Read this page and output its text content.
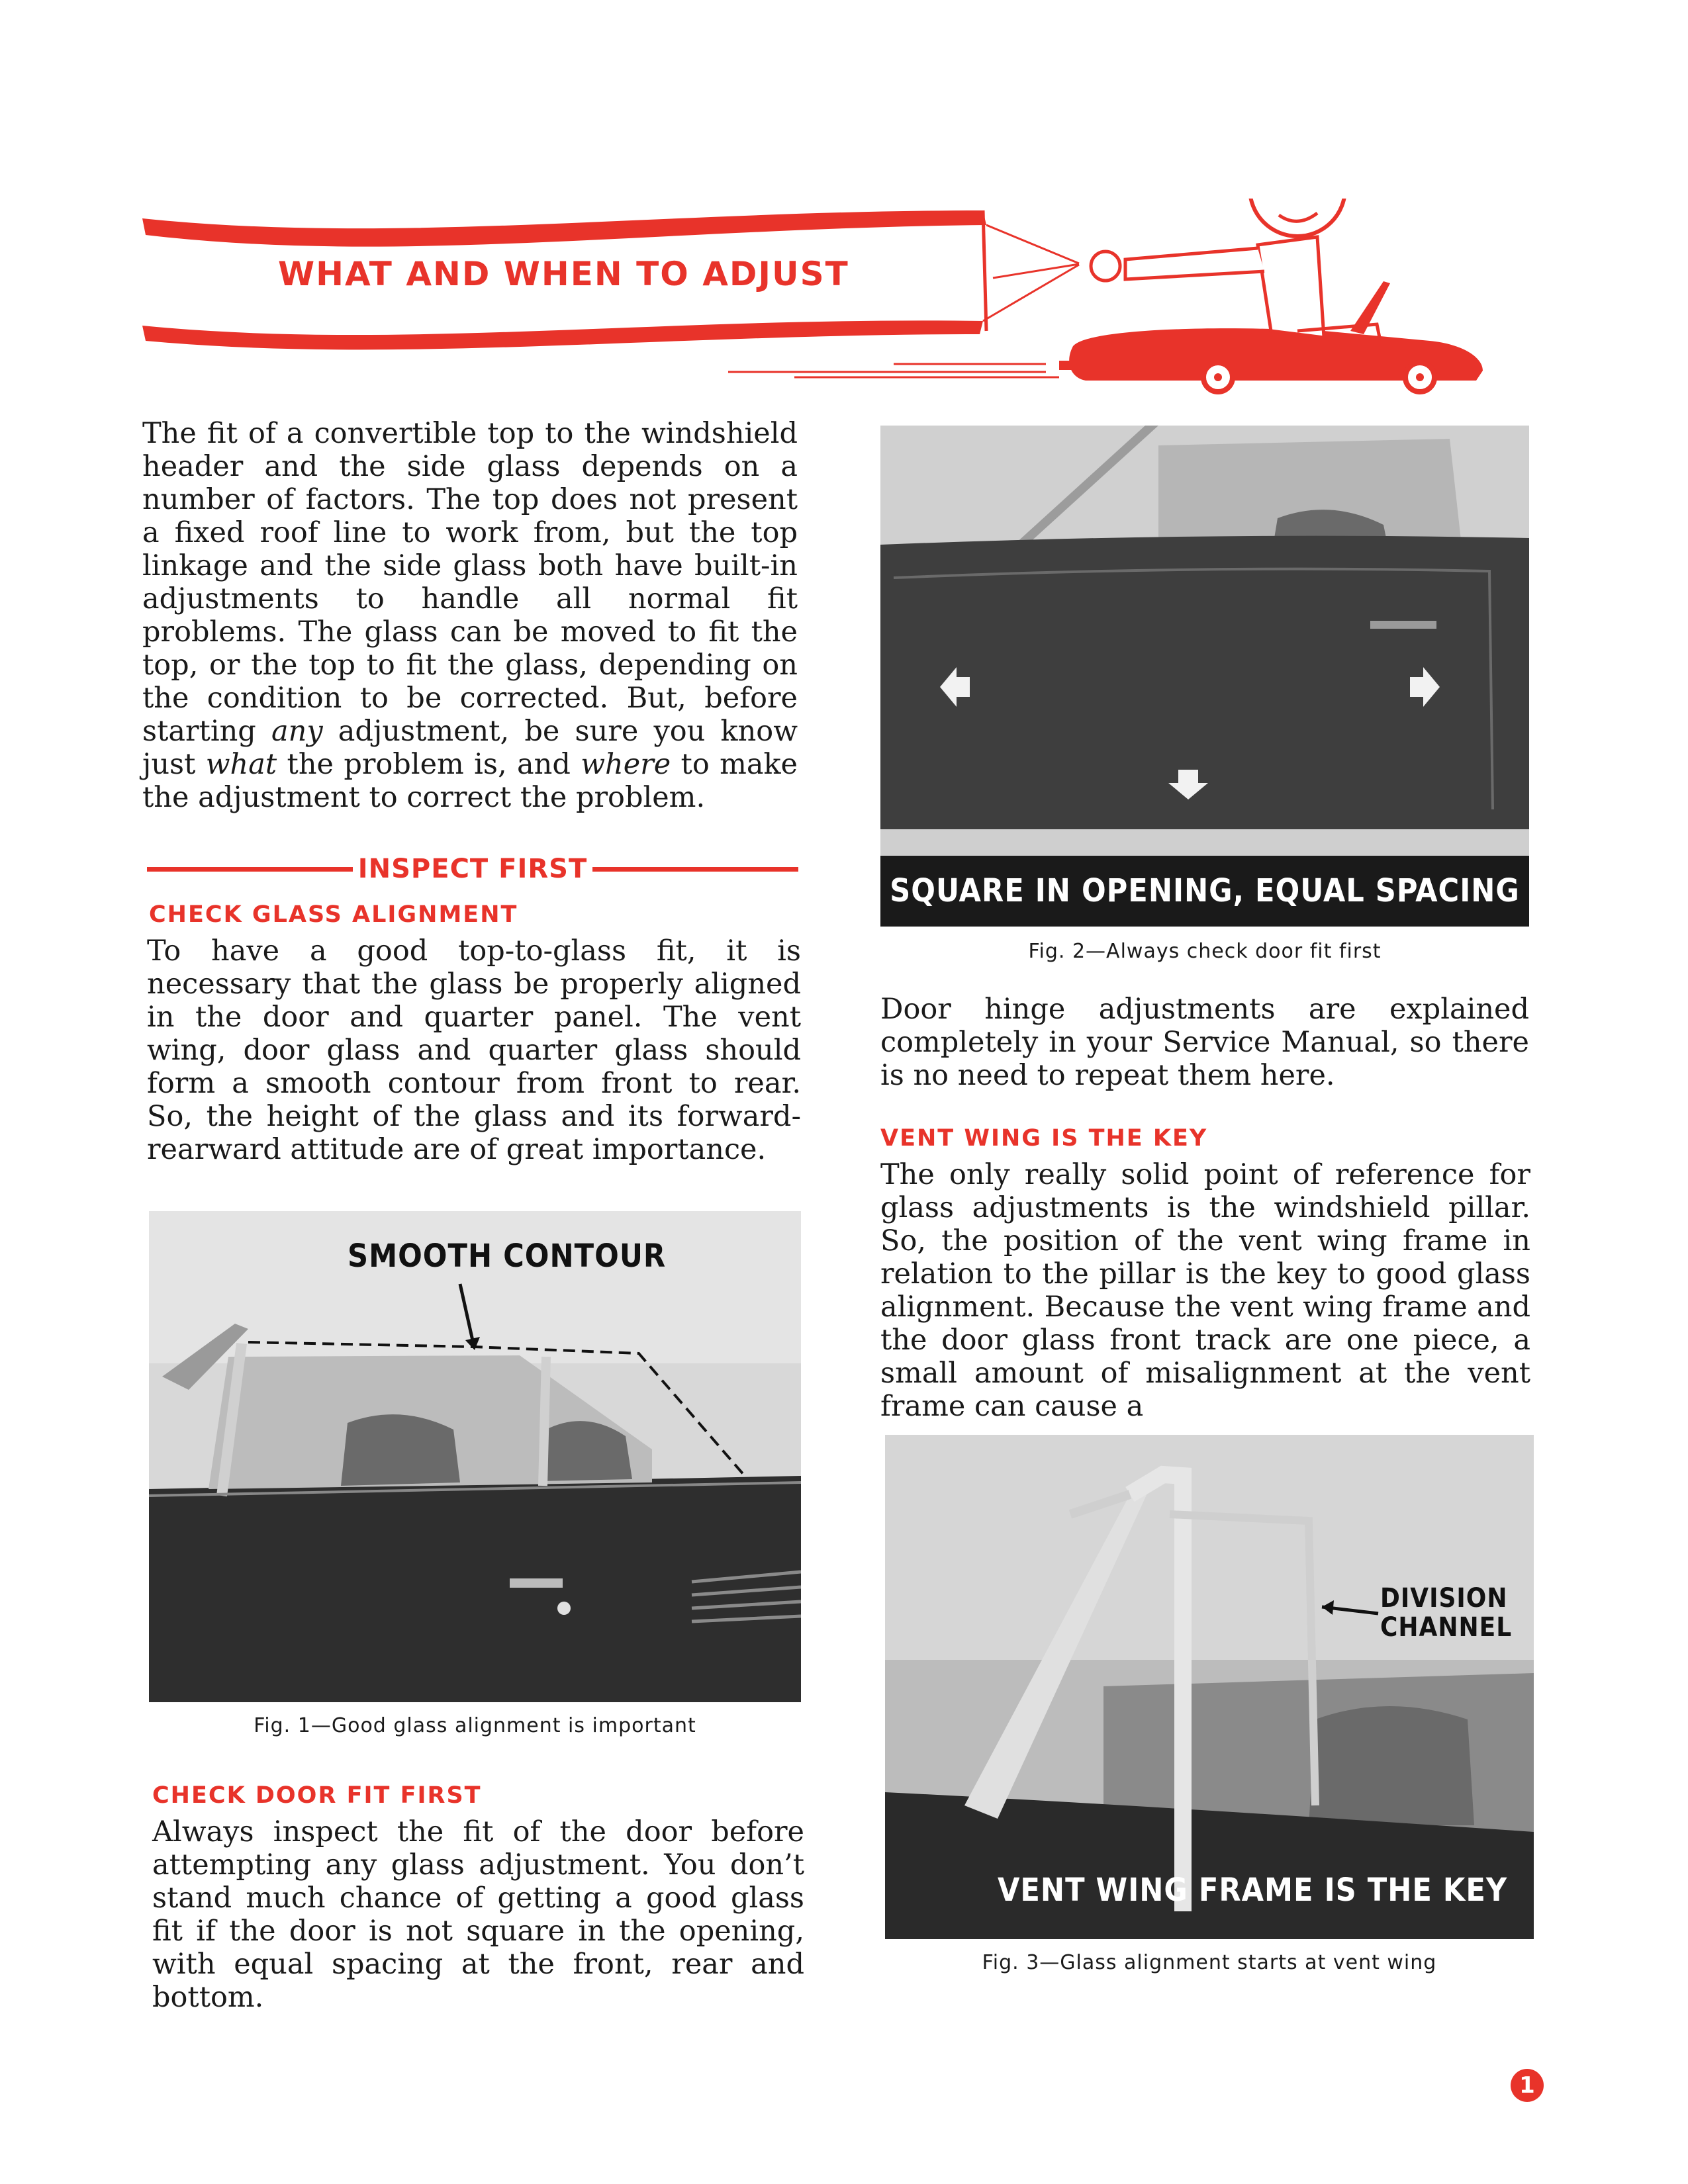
WHAT AND WHEN TO ADJUST

The fit of a convertible top to the windshield header and the side glass depends on a number of factors. The top does not present a fixed roof line to work from, but the top linkage and the side glass both have built-in adjustments to handle all normal fit problems. The glass can be moved to fit the top, or the top to fit the glass, depending on the condition to be corrected. But, before starting any adjustment, be sure you know just what the problem is, and where to make the adjustment to correct the problem.

INSPECT FIRST
CHECK GLASS ALIGNMENT

To have a good top-to-glass fit, it is necessary that the glass be properly aligned in the door and quarter panel. The vent wing, door glass and quarter glass should form a smooth contour from front to rear. So, the height of the glass and its forward-rearward attitude are of great importance.

SMOOTH CONTOUR

Fig. 1—Good glass alignment is important

CHECK DOOR FIT FIRST

Always inspect the fit of the door before attempting any glass adjustment. You don’t stand much chance of getting a good glass fit if the door is not square in the opening, with equal spacing at the front, rear and bottom.

SQUARE IN OPENING, EQUAL SPACING

Fig. 2—Always check door fit first

Door hinge adjustments are explained completely in your Service Manual, so there is no need to repeat them here.

VENT WING IS THE KEY

The only really solid point of reference for glass adjustments is the windshield pillar. So, the position of the vent wing frame in relation to the pillar is the key to good glass alignment. Because the vent wing frame and the door glass front track are one piece, a small amount of misalignment at the vent frame can cause a

DIVISION
CHANNEL
VENT WING FRAME IS THE KEY

Fig. 3—Glass alignment starts at vent wing

1
